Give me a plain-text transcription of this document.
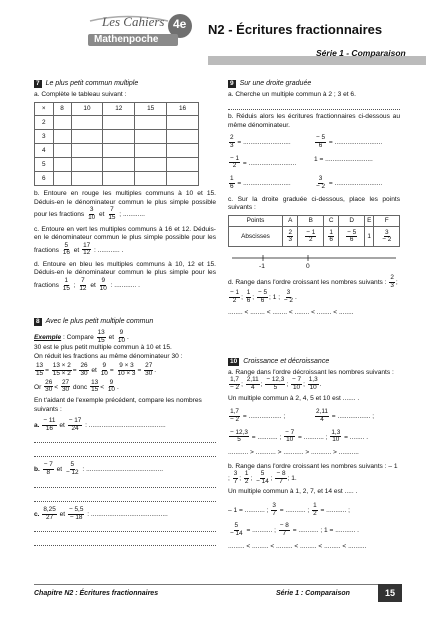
Les Cahiers
Mathenpoche
4e N2 - Écritures fractionnaires
Série 1 - Comparaison
7 Le plus petit commun multiple
a. Complète le tableau suivant :
×	8	10	12	15	16
2					
3					
4					
5					
6					
b. Entoure en rouge les multiples communs à 10 et 15. Déduis-en le dénominateur commun le plus simple possible pour les fractions $\frac{3}{10}$ et $\frac{7}{15}$ ; ............
c. Entoure en vert les multiples communs à 16 et 12. Déduis-en le dénominateur commun le plus simple possible pour les fractions $\frac{5}{16}$ et $\frac{17}{12}$ : ............ .
d. Entoure en bleu les multiples communs à 10, 12 et 15. Déduis-en le dénominateur commun le plus simple pour les fractions $\frac{1}{15}$ ; $\frac{7}{12}$ et $\frac{9}{10}$ : ............ .
8 Avec le plus petit multiple commun
Exemple : Compare $\frac{13}{15}$ et $\frac{9}{10}$ .
30 est le plus petit multiple commun à 10 et 15.
On réduit les fractions au même dénominateur 30 :
$\frac{13}{15} = \frac{13 \times 2}{15 \times 2} = \frac{26}{30}$ et $\frac{9}{10} = \frac{9 \times 3}{10 \times 3} = \frac{27}{30}$ .
Or $\frac{26}{30} < \frac{27}{30}$ donc $\frac{13}{15} < \frac{9}{10}$ .
En t'aidant de l'exemple précédent, compare les nombres suivants :
a. $\frac{- 11}{16}$ et $\frac{- 17}{24}$ : ..........................................
b. $\frac{- 7}{8}$ et $\frac{5}{- 12}$ : ..........................................
c. $\frac{8,25}{27}$ et $\frac{- 5,5}{- 18}$ : ..........................................
9 Sur une droite graduée
a. Cherche un multiple commun à 2 ; 3 et 6.
b. Réduis alors les écritures fractionnaires ci-dessous au même dénominateur.
$\frac{2}{3}$ = ..........................	$\frac{- 5}{6}$ = ..........................
$\frac{- 1}{2}$ = ..........................
1 = ..........................
$\frac{1}{6}$ = ..........................	$\frac{3}{- 2}$ = ..........................
c. Sur la droite graduée ci-dessous, place les points suivants :
Points	A	B	C	D	E	F
Abscisses	$\frac{2}{3}$	$\frac{- 1}{2}$	$\frac{1}{6}$	$\frac{- 5}{6}$	1	$\frac{3}{- 2}$
-1	0
d. Range dans l'ordre croissant les nombres suivants : $\frac{2}{3}$ ;
$\frac{- 1}{2}$ ; $\frac{1}{6}$ ; $\frac{- 5}{6}$ ; 1 ; $\frac{3}{- 2}$ .
........ < ........ < ........ < ........ < ........ < ........
10 Croissance et décroissance
a. Range dans l'ordre décroissant les nombres suivants :
$\frac{1,7}{- 2}$ ; $\frac{2,11}{4}$ ; $\frac{- 12,3}{5}$ ; $\frac{- 7}{10}$ ; $\frac{1,3}{10}$ .
Un multiple commun à 2, 4, 5 et 10 est ....... .
$\frac{1,7}{- 2}$ = .................. ;	$\frac{2,11}{4}$ = .................. ;
$\frac{- 12,3}{5}$ = ........... ; $\frac{- 7}{10}$ = ........... ; $\frac{1,3}{10}$ = ........ .
........... > ........... > ........... > ........... > ...........
b. Range dans l'ordre croissant les nombres suivants : – 1 ; $\frac{3}{7}$ ; $\frac{1}{2}$ ; $\frac{5}{- 14}$ ; $\frac{- 8}{7}$ ; 1.
Un multiple commun à 1, 2, 7, et 14 est ..... .
– 1 = ........... ; $\frac{3}{7}$ = ........... ; $\frac{1}{2}$ = ........... ;
$\frac{5}{- 14}$ = ........... ; $\frac{- 8}{7}$ = ........... ; 1 = ........... .
......... < ......... < ......... < ......... < ......... < ..........
Chapitre N2 : Écritures fractionnaires	Série 1 : Comparaison	15
